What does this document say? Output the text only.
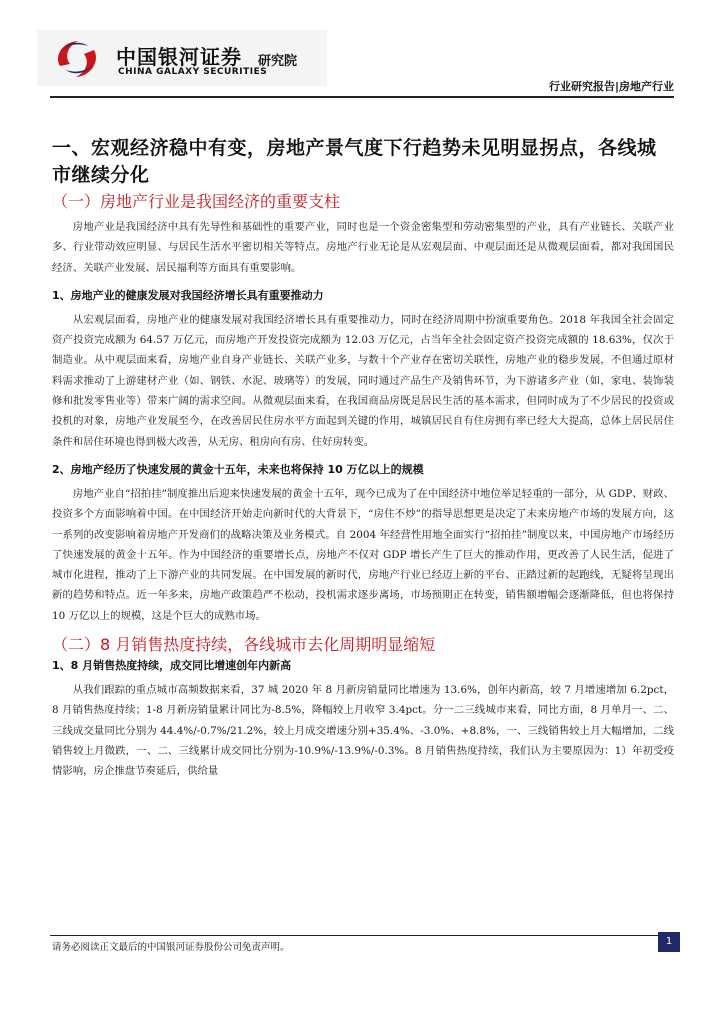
中国银河证券
CHINA GALAXY SECURITIES
研究院
行业研究报告|房地产行业
一、宏观经济稳中有变，房地产景气度下行趋势未见明显拐点，各线城市继续分化
（一）房地产行业是我国经济的重要支柱

房地产业是我国经济中具有先导性和基础性的重要产业，同时也是一个资金密集型和劳动密集型的产业，具有产业链长、关联产业多、行业带动效应明显、与居民生活水平密切相关等特点。房地产行业无论是从宏观层面、中观层面还是从微观层面看，都对我国国民经济、关联产业发展、居民福利等方面具有重要影响。

1、房地产业的健康发展对我国经济增长具有重要推动力

从宏观层面看，房地产业的健康发展对我国经济增长具有重要推动力，同时在经济周期中扮演重要角色。2018 年我国全社会固定资产投资完成额为 64.57 万亿元，而房地产开发投资完成额为 12.03 万亿元，占当年全社会固定资产投资完成额的 18.63%，仅次于制造业。从中观层面来看，房地产业自身产业链长、关联产业多，与数十个产业存在密切关联性，房地产业的稳步发展，不但通过原材料需求推动了上游建材产业（如、钢铁、水泥、玻璃等）的发展，同时通过产品生产及销售环节，为下游诸多产业（如，家电、装饰装修和批发零售业等）带来广阔的需求空间。从微观层面来看，在我国商品房既是居民生活的基本需求，但同时成为了不少居民的投资或投机的对象，房地产业发展至今，在改善居民住房水平方面起到关键的作用，城镇居民自有住房拥有率已经大大提高，总体上居民居住条件和居住环境也得到极大改善，从无房、租房向有房、住好房转变。

2、房地产经历了快速发展的黄金十五年，未来也将保持 10 万亿以上的规模

房地产业自“招拍挂”制度推出后迎来快速发展的黄金十五年，现今已成为了在中国经济中地位举足轻重的一部分，从 GDP、财政、投资多个方面影响着中国。在中国经济开始走向新时代的大背景下，“房住不炒”的指导思想更是决定了未来房地产市场的发展方向，这一系列的改变影响着房地产开发商们的战略决策及业务模式。自 2004 年经营性用地全面实行“招拍挂”制度以来，中国房地产市场经历了快速发展的黄金十五年。作为中国经济的重要增长点，房地产不仅对 GDP 增长产生了巨大的推动作用，更改善了人民生活，促进了城市化进程，推动了上下游产业的共同发展。在中国发展的新时代，房地产行业已经迈上新的平台、正踏过新的起跑线，无疑将呈现出新的趋势和特点。近一年多来，房地产政策趋严不松动，投机需求逐步离场，市场预期正在转变，销售额增幅会逐渐降低，但也将保持 10 万亿以上的规模，这是个巨大的成熟市场。

（二）8 月销售热度持续，各线城市去化周期明显缩短
1、8 月销售热度持续，成交同比增速创年内新高

从我们跟踪的重点城市高频数据来看，37 城 2020 年 8 月新房销量同比增速为 13.6%，创年内新高，较 7 月增速增加 6.2pct，8 月销售热度持续；1-8 月新房销量累计同比为-8.5%，降幅较上月收窄 3.4pct。分一二三线城市来看，同比方面，8 月单月一、二、三线成交量同比分别为 44.4%/-0.7%/21.2%，较上月成交增速分别+35.4%、-3.0%、+8.8%，一、三线销售较上月大幅增加，二线销售较上月微跌，一、二、三线累计成交同比分别为-10.9%/-13.9%/-0.3%。8 月销售热度持续，我们认为主要原因为：1）年初受疫情影响，房企推盘节奏延后，供给量

请务必阅读正文最后的中国银河证券股份公司免责声明。
1
